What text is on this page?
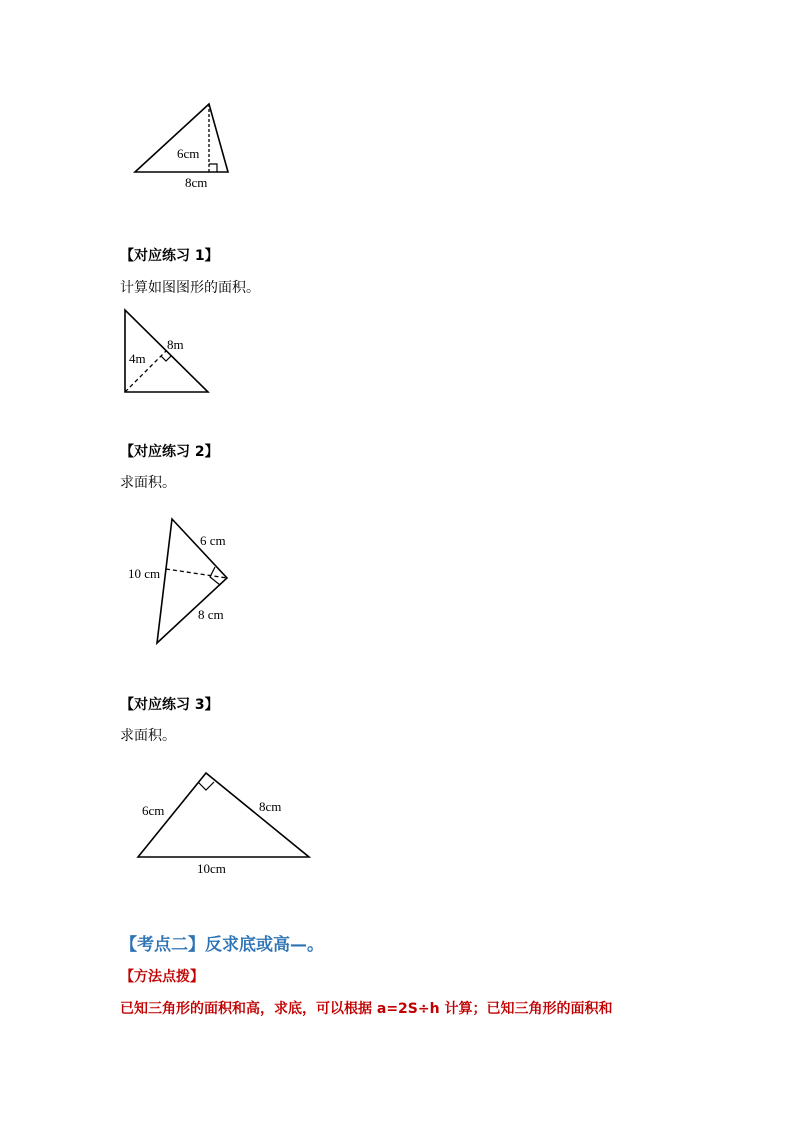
6cm
8cm
【对应练习 1】
计算如图图形的面积。
4m
8m
【对应练习 2】
求面积。
10 cm
6 cm
8 cm
【对应练习 3】
求面积。
6cm	8cm
10cm
【考点二】反求底或高—。
【方法点拨】
已知三角形的面积和高，求底，可以根据 a=2S÷h 计算；已知三角形的面积和
